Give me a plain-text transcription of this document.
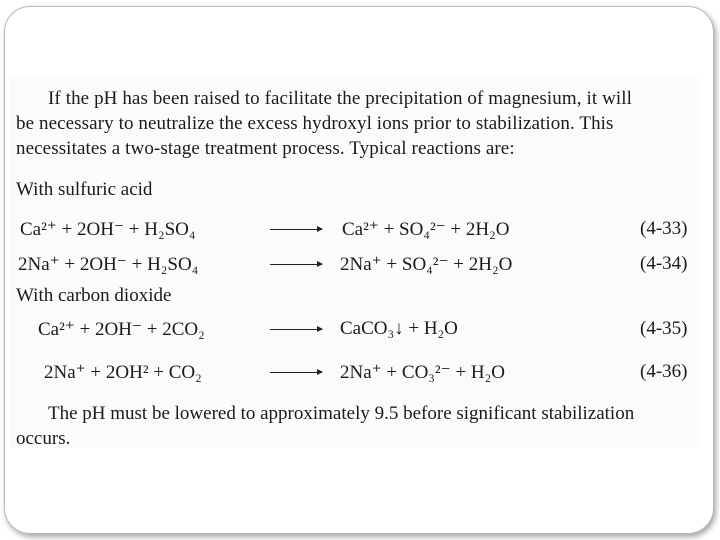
If the pH has been raised to facilitate the precipitation of magnesium, it will
be necessary to neutralize the excess hydroxyl ions prior to stabilization. This
necessitates a two-stage treatment process. Typical reactions are:
With sulfuric acid
Ca²⁺ + 2OH⁻ + H₂SO₄	→ Ca²⁺ + SO₄²⁻ + 2H₂O	(4-33)
2Na⁺ + 2OH⁻ + H₂SO₄	→ 2Na⁺ + SO₄²⁻ + 2H₂O	(4-34)
With carbon dioxide
Ca²⁺ + 2OH⁻ + 2CO₂	→ CaCO₃↓ + H₂O	(4-35)
2Na⁺ + 2OH² + CO₂	→ 2Na⁺ + CO₃²⁻ + H₂O	(4-36)
The pH must be lowered to approximately 9.5 before significant stabilization
occurs.
